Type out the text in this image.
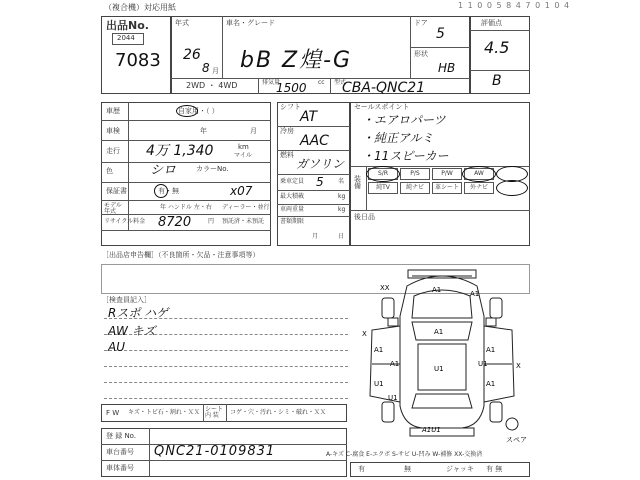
1 1 0 0 5 8 4 7 0 1 0 4
（複合機）対応用紙
出品No.
2044
7083
年式	車名・グレード
26
8 月 bB Z煌-G
ドア
5
形状
HB
2WD ・ 4WD	排気量
1500 cc 型式
CBA-QNC21
評価点
4.5
B
車歴	自家用・（ ）
車検	年	月
走行 4万 1,340	km
マイル
色	シロ	カラーNo.
保証書	有・無	x07
モデル年式
年 ハンドル 左・右 ディーラー・並行
リサイクル料金 8720	円 預託済・未預託
シフト
AT
冷房
AAC
燃料
ガソリン
乗車定員 5 名
最大積載	kg
車両重量	kg
書類期限
月	日
セールスポイント
・エアロパーツ
・純正アルミ
・11スピーカー
装備
S/R	P/S	P/W	AW
純TV	純ナビ	革シート	外ナビ
後日品
［出品店申告欄］（不良箇所・欠品・注意事項等）
［検査員記入］
Rスポ ハゲ
AW キズ
AU
F W キズ・トビ石・割れ・ＸＸ シート 内 装	コゲ・穴・汚れ・シミ・破れ・ＸＸ
登 録 No.
車台番号 QNC21-0109831
車体番号
A1
A1
U1
A1
U1
XX
A1
A1
A1
A1
U1
U1
X
X
A1U1
スペア
A-キズ C-腐食 E-エクボ S-サビ U-凹み W-補修 XX-交換済
有	無	ジャッキ 有 無
